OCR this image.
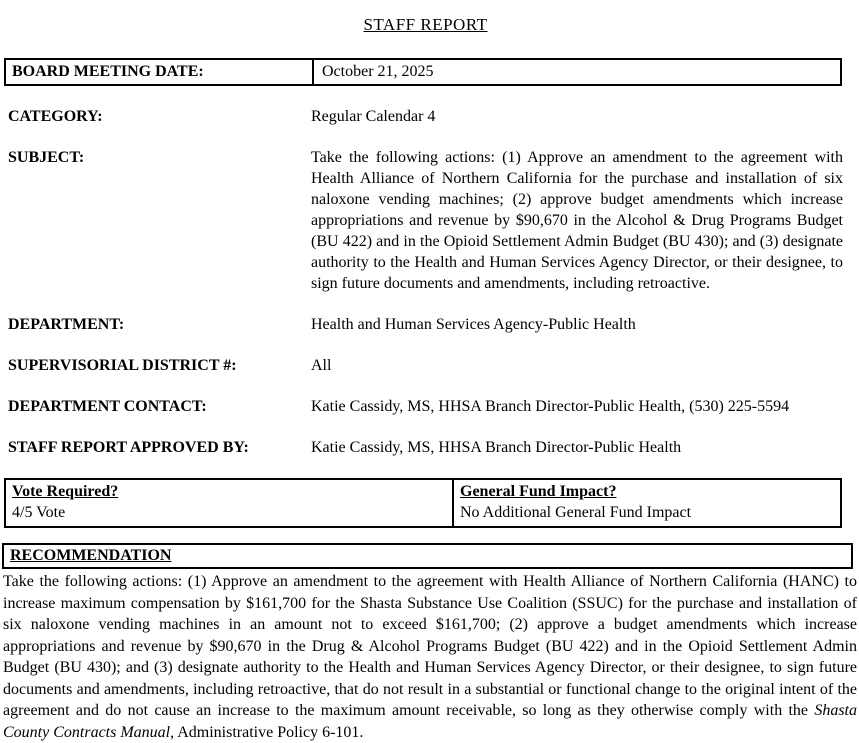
STAFF REPORT
BOARD MEETING DATE:	October 21, 2025
CATEGORY:	Regular Calendar 4
SUBJECT:	Take the following actions: (1) Approve an amendment to the agreement with Health Alliance of Northern California for the purchase and installation of six naloxone vending machines; (2) approve budget amendments which increase appropriations and revenue by $90,670 in the Alcohol & Drug Programs Budget (BU 422) and in the Opioid Settlement Admin Budget (BU 430); and (3) designate authority to the Health and Human Services Agency Director, or their designee, to sign future documents and amendments, including retroactive.
DEPARTMENT:	Health and Human Services Agency-Public Health
SUPERVISORIAL DISTRICT #:	All
DEPARTMENT CONTACT:	Katie Cassidy, MS, HHSA Branch Director-Public Health, (530) 225-5594
STAFF REPORT APPROVED BY:	Katie Cassidy, MS, HHSA Branch Director-Public Health
Vote Required?
4/5 Vote
General Fund Impact?
No Additional General Fund Impact
RECOMMENDATION
Take the following actions: (1) Approve an amendment to the agreement with Health Alliance of Northern California (HANC) to increase maximum compensation by $161,700 for the Shasta Substance Use Coalition (SSUC) for the purchase and installation of six naloxone vending machines in an amount not to exceed $161,700; (2) approve a budget amendments which increase appropriations and revenue by $90,670 in the Drug & Alcohol Programs Budget (BU 422) and in the Opioid Settlement Admin Budget (BU 430); and (3) designate authority to the Health and Human Services Agency Director, or their designee, to sign future documents and amendments, including retroactive, that do not result in a substantial or functional change to the original intent of the agreement and do not cause an increase to the maximum amount receivable, so long as they otherwise comply with the Shasta County Contracts Manual, Administrative Policy 6-101.
